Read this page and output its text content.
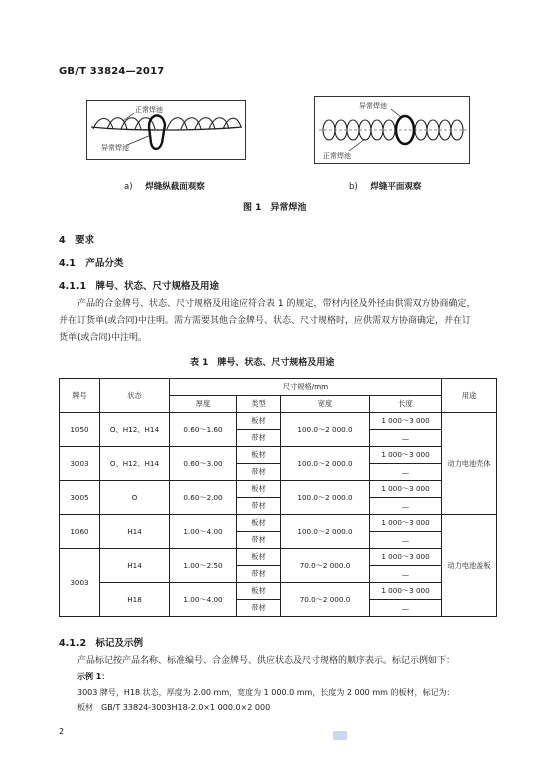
GB/T 33824—2017
正常焊池
异常焊池
异常焊池
正常焊池
a) 焊缝纵截面观察	b) 焊缝平面观察
图 1　异常焊池
4　要求
4.1　产品分类
4.1.1　牌号、状态、尺寸规格及用途
产品的合金牌号、状态、尺寸规格及用途应符合表 1 的规定，带材内径及外径由供需双方协商确定，
并在订货单(或合同)中注明。需方需要其他合金牌号、状态、尺寸规格时，应供需双方协商确定，并在订
货单(或合同)中注明。
表 1　牌号、状态、尺寸规格及用途
牌号	状态	尺寸规格/mm				用途
		厚度	类型	宽度	长度	
1050	O、H12、H14	0.60～1.60	板材	100.0～2 000.0	1 000～3 000	动力电池壳体
			带材		—	
3003	O、H12、H14	0.60～3.00	板材	100.0～2 000.0	1 000～3 000	
			带材		—	
3005	O	0.60～2.00	板材	100.0～2 000.0	1 000～3 000	
			带材		—	
1060	H14	1.00～4.00	板材	100.0～2 000.0	1 000～3 000	动力电池盖板
			带材		—	
3003	H14	1.00～2.50	板材	70.0～2 000.0	1 000～3 000	
			带材		—	
	H18	1.00～4.00	板材	70.0～2 000.0	1 000～3 000	
			带材		—	
4.1.2　标记及示例
产品标记按产品名称、标准编号、合金牌号、供应状态及尺寸规格的顺序表示。标记示例如下：
示例 1：
3003 牌号，H18 状态，厚度为 2.00 mm，宽度为 1 000.0 mm，长度为 2 000 mm 的板材，标记为：
板材　GB/T 33824-3003H18-2.0×1 000.0×2 000
2
